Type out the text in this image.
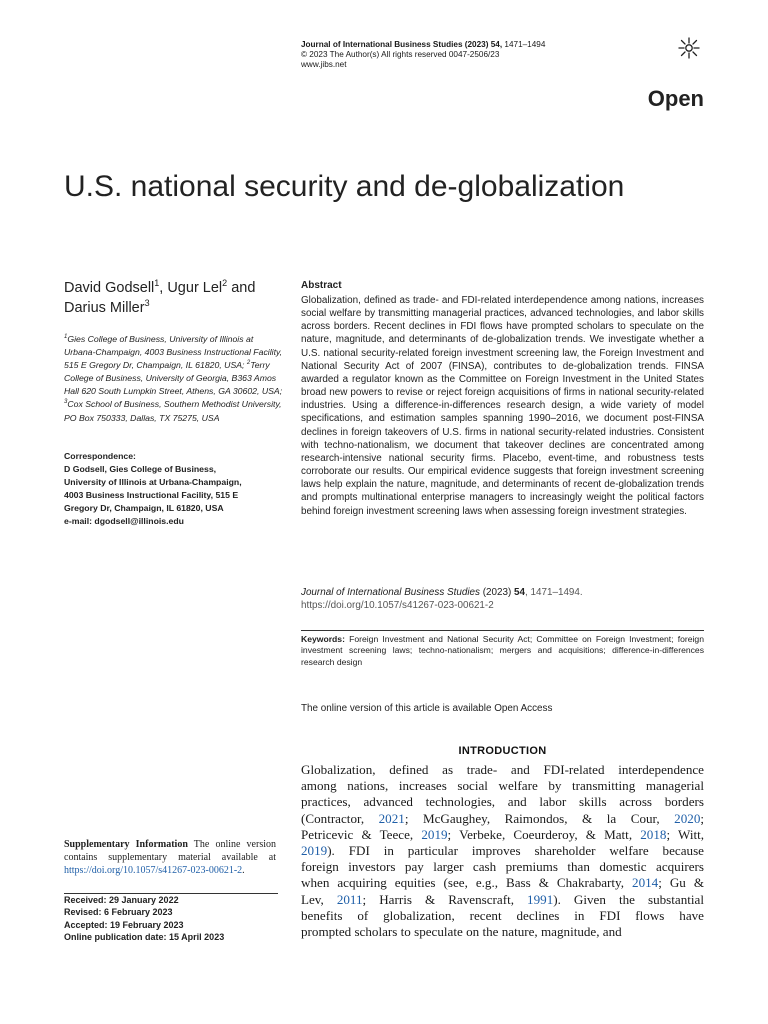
Journal of International Business Studies (2023) 54, 1471–1494
© 2023 The Author(s) All rights reserved 0047-2506/23
www.jibs.net
Open
U.S. national security and de-globalization
David Godsell$^1$, Ugur Lel$^2$ and Darius Miller$^3$
$^1$Gies College of Business, University of Illinois at Urbana-Champaign, 4003 Business Instructional Facility, 515 E Gregory Dr, Champaign, IL 61820, USA; $^2$Terry College of Business, University of Georgia, B363 Amos Hall 620 South Lumpkin Street, Athens, GA 30602, USA; $^3$Cox School of Business, Southern Methodist University, PO Box 750333, Dallas, TX 75275, USA
Correspondence:
D Godsell, Gies College of Business,
University of Illinois at Urbana-Champaign,
4003 Business Instructional Facility, 515 E
Gregory Dr, Champaign, IL 61820, USA
e-mail: dgodsell@illinois.edu
Abstract
Globalization, defined as trade- and FDI-related interdependence among nations, increases social welfare by transmitting managerial practices, advanced technologies, and labor skills across borders. Recent declines in FDI flows have prompted scholars to speculate on the nature, magnitude, and determinants of de-globalization trends. We investigate whether a U.S. national security-related foreign investment screening law, the Foreign Investment and National Security Act of 2007 (FINSA), contributes to de-globalization trends. FINSA awarded a regulator known as the Committee on Foreign Investment in the United States broad new powers to revise or reject foreign acquisitions of firms in national security-related industries. Using a difference-in-differences research design, a wide variety of model specifications, and estimation samples spanning 1990–2016, we document post-FINSA declines in foreign takeovers of U.S. firms in national security-related industries. Consistent with techno-nationalism, we document that takeover declines are concentrated among research-intensive national security firms. Placebo, event-time, and robustness tests corroborate our results. Our empirical evidence suggests that foreign investment screening laws help explain the nature, magnitude, and determinants of recent de-globalization trends and prompts multinational enterprise managers to increasingly weight the political factors behind foreign investment screening laws when assessing foreign investment strategies.
Journal of International Business Studies (2023) 54, 1471–1494.
https://doi.org/10.1057/s41267-023-00621-2
Keywords: Foreign Investment and National Security Act; Committee on Foreign Investment; foreign investment screening laws; techno-nationalism; mergers and acquisitions; difference-in-differences research design
The online version of this article is available Open Access
Supplementary Information The online version contains supplementary material available at https://doi.org/10.1057/s41267-023-00621-2.
Received: 29 January 2022
Revised: 6 February 2023
Accepted: 19 February 2023
Online publication date: 15 April 2023
INTRODUCTION
Globalization, defined as trade- and FDI-related interdependence
among nations, increases social welfare by transmitting managerial
practices, advanced technologies, and labor skills across borders
(Contractor, 2021; McGaughey, Raimondos, & la Cour, 2020;
Petricevic & Teece, 2019; Verbeke, Coeurderoy, & Matt, 2018; Witt,
2019). FDI in particular improves shareholder welfare because
foreign investors pay larger cash premiums than domestic acquirers
when acquiring equities (see, e.g., Bass & Chakrabarty, 2014; Gu &
Lev, 2011; Harris & Ravenscraft, 1991). Given the substantial
benefits of globalization, recent declines in FDI flows have
prompted scholars to speculate on the nature, magnitude, and
